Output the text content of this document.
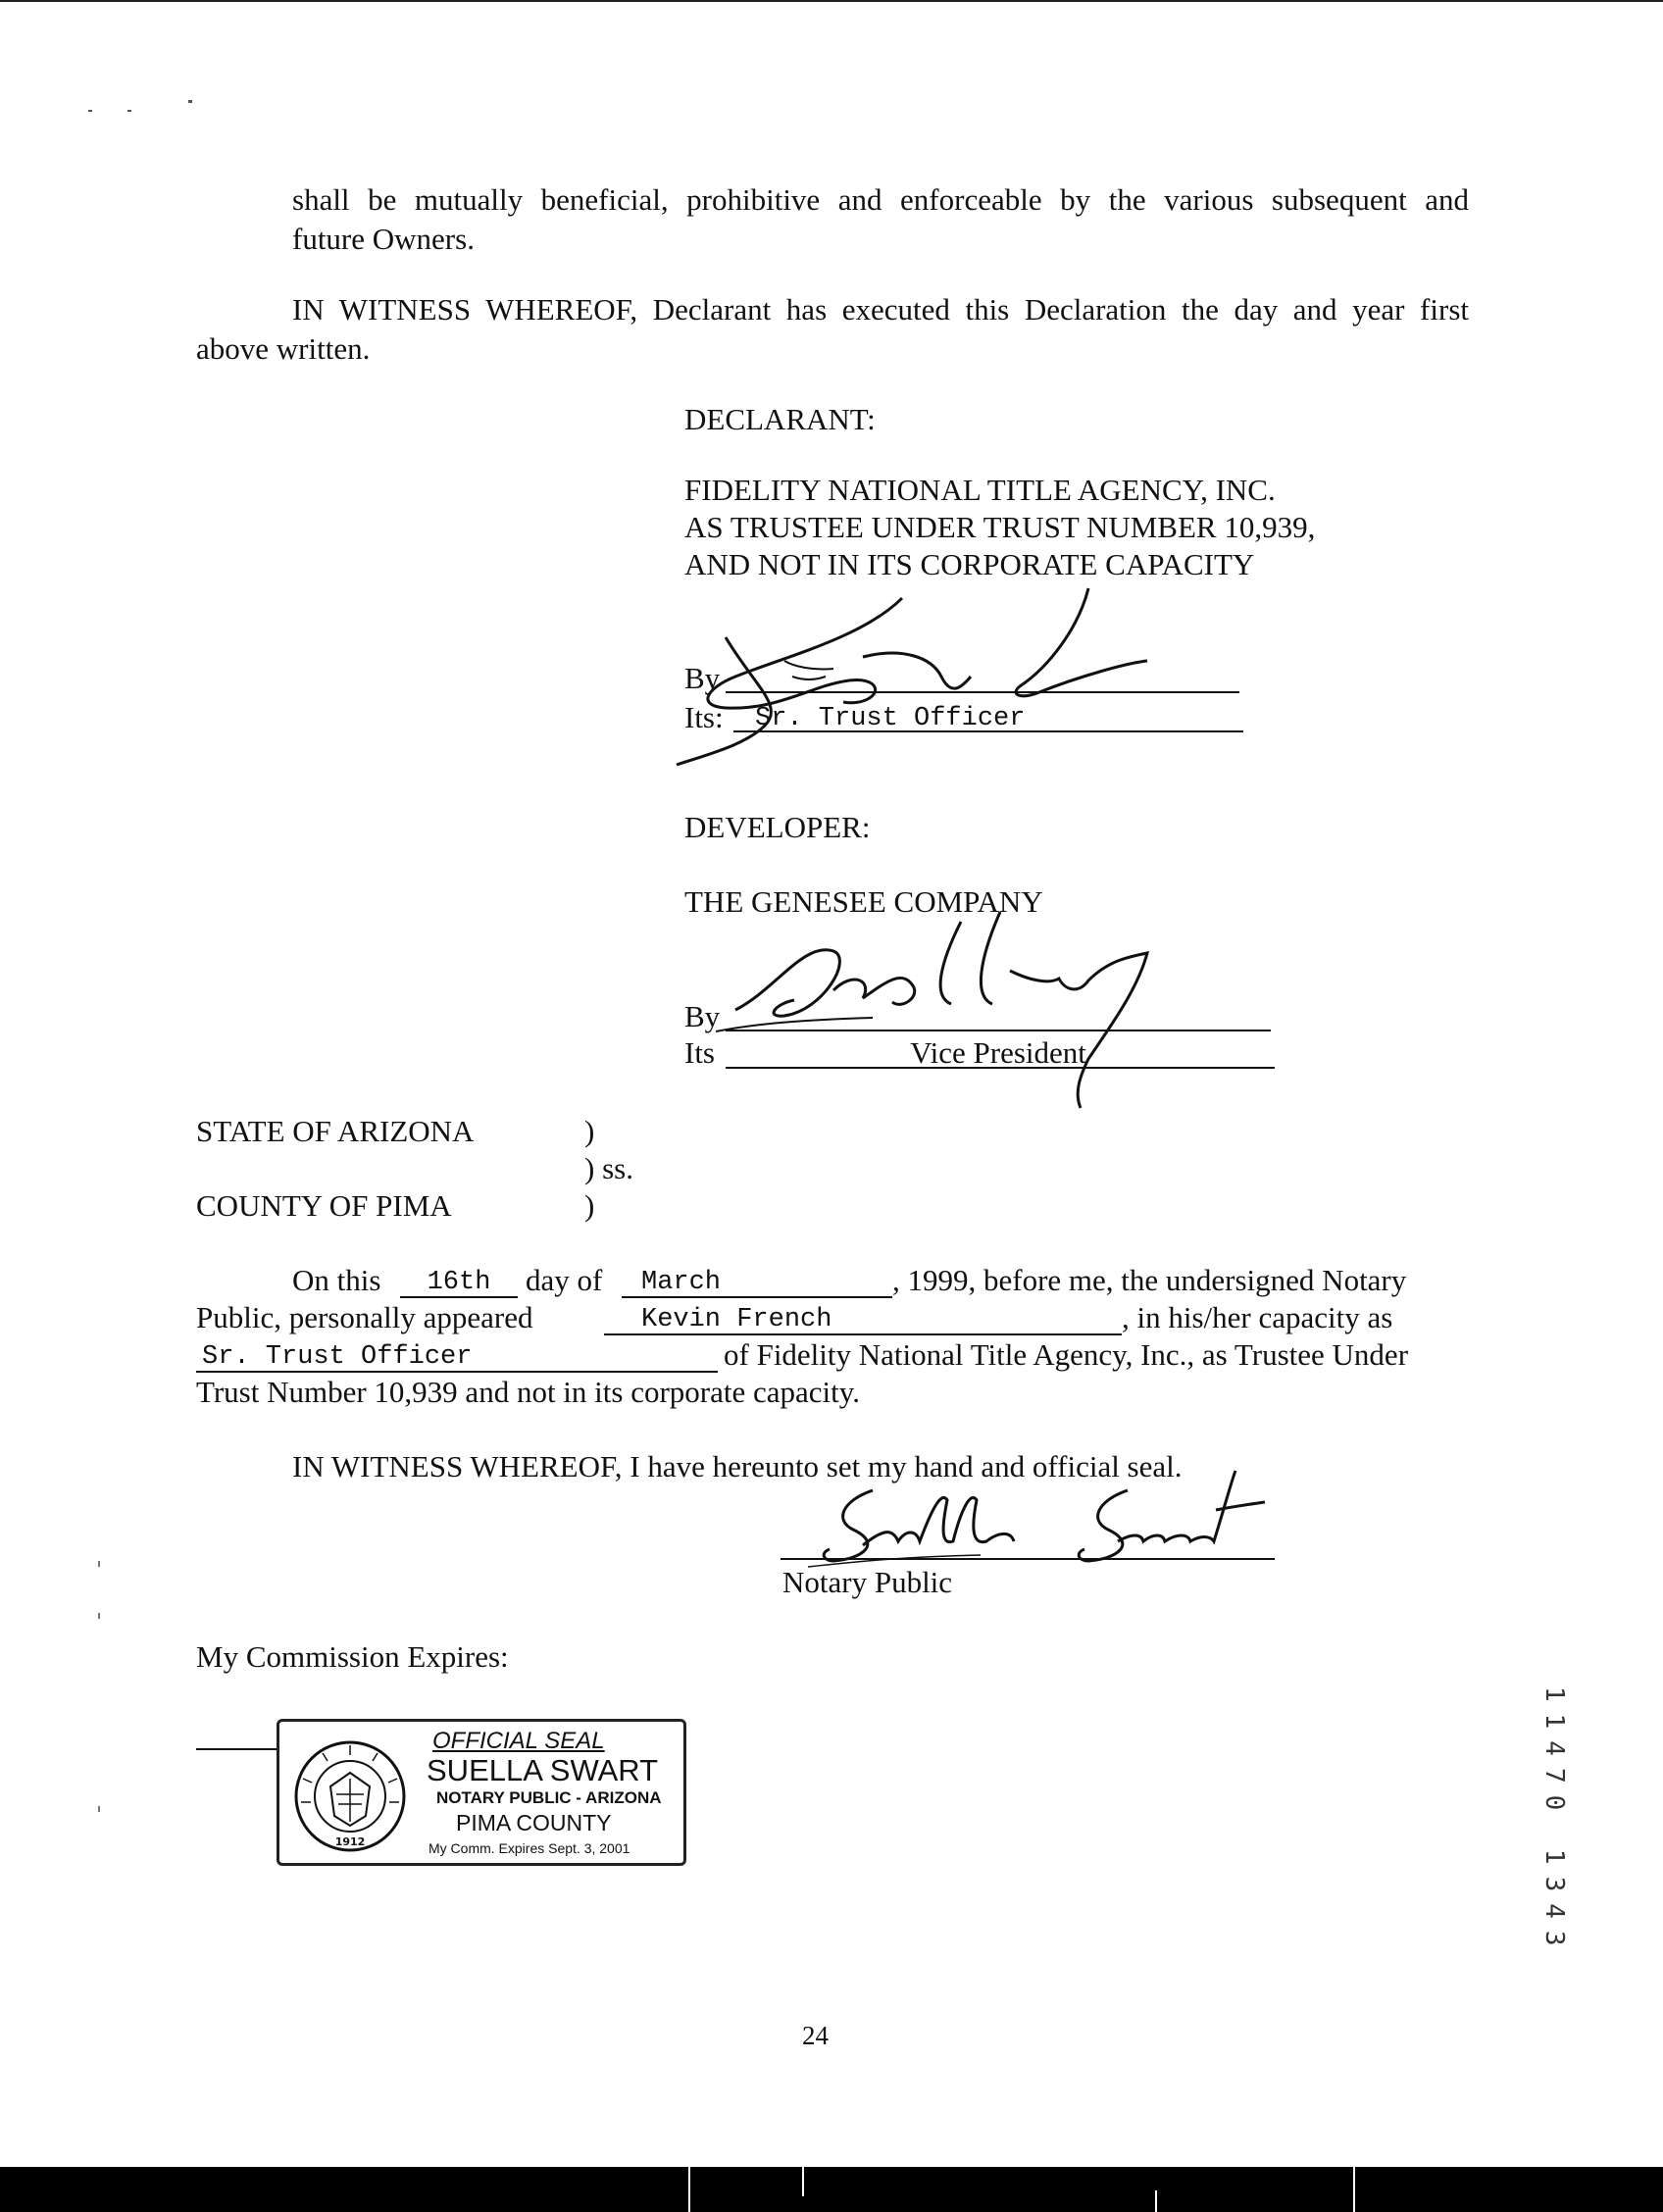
shall be mutually beneficial, prohibitive and enforceable by the various subsequent and
future Owners.
IN WITNESS WHEREOF, Declarant has executed this Declaration the day and year first
above written.
DECLARANT:
FIDELITY NATIONAL TITLE AGENCY, INC.
AS TRUSTEE UNDER TRUST NUMBER 10,939,
AND NOT IN ITS CORPORATE CAPACITY
By
Its: Sr. Trust Officer
DEVELOPER:
THE GENESEE COMPANY
By
Its	Vice President
STATE OF ARIZONA	)
) ss.
COUNTY OF PIMA	)
On this	16th	day of March	, 1999, before me, the undersigned Notary
Public, personally appeared	Kevin French	, in his/her capacity as
Sr. Trust Officer	of Fidelity National Title Agency, Inc., as Trustee Under
Trust Number 10,939 and not in its corporate capacity.
IN WITNESS WHEREOF, I have hereunto set my hand and official seal.
Notary Public
My Commission Expires:
1912
OFFICIAL SEAL
SUELLA SWART
NOTARY PUBLIC - ARIZONA
PIMA COUNTY
My Comm. Expires Sept. 3, 2001	11470 1343
24
